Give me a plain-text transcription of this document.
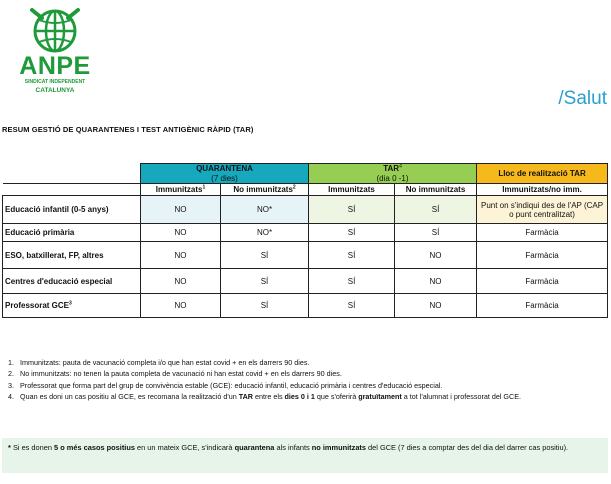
ANPE
SINDICAT INDEPENDENT
CATALUNYA	/Salut
RESUM GESTIÓ DE QUARANTENES I TEST ANTIGÈNIC RÀPID (TAR)
	QUARANTENA
(7 dies)		TAR$^4$
(dia 0 -1)		Lloc de realització TAR
	Immunitzats$^1$	No immunitzats$^2$	Immunitzats	No immunitzats	Immunitzats/no imm.
Educació infantil (0-5 anys)	NO	NO*	SÍ	SÍ	Punt on s'indiqui des de l'AP (CAP o punt centralitzat)
Educació primària	NO	NO*	SÍ	SÍ	Farmàcia
ESO, batxillerat, FP, altres	NO	SÍ	SÍ	NO	Farmàcia
Centres d'educació especial	NO	SÍ	SÍ	NO	Farmàcia
Professorat GCE$^3$	NO	SÍ	SÍ	NO	Farmàcia
1. Immunitzats: pauta de vacunació completa i/o que han estat covid + en els darrers 90 dies.
2. No immunitzats: no tenen la pauta completa de vacunació ni han estat covid + en els darrers 90 dies.
3. Professorat que forma part del grup de convivència estable (GCE): educació infantil, educació primària i centres d'educació especial.
4. Quan es doni un cas positiu al GCE, es recomana la realització d'un TAR entre els dies 0 i 1 que s'oferirà gratuïtament a tot l'alumnat i professorat del GCE.
* Si es donen 5 o més casos positius en un mateix GCE, s'indicarà quarantena als infants no immunitzats del GCE (7 dies a comptar des del dia del darrer cas positiu).
